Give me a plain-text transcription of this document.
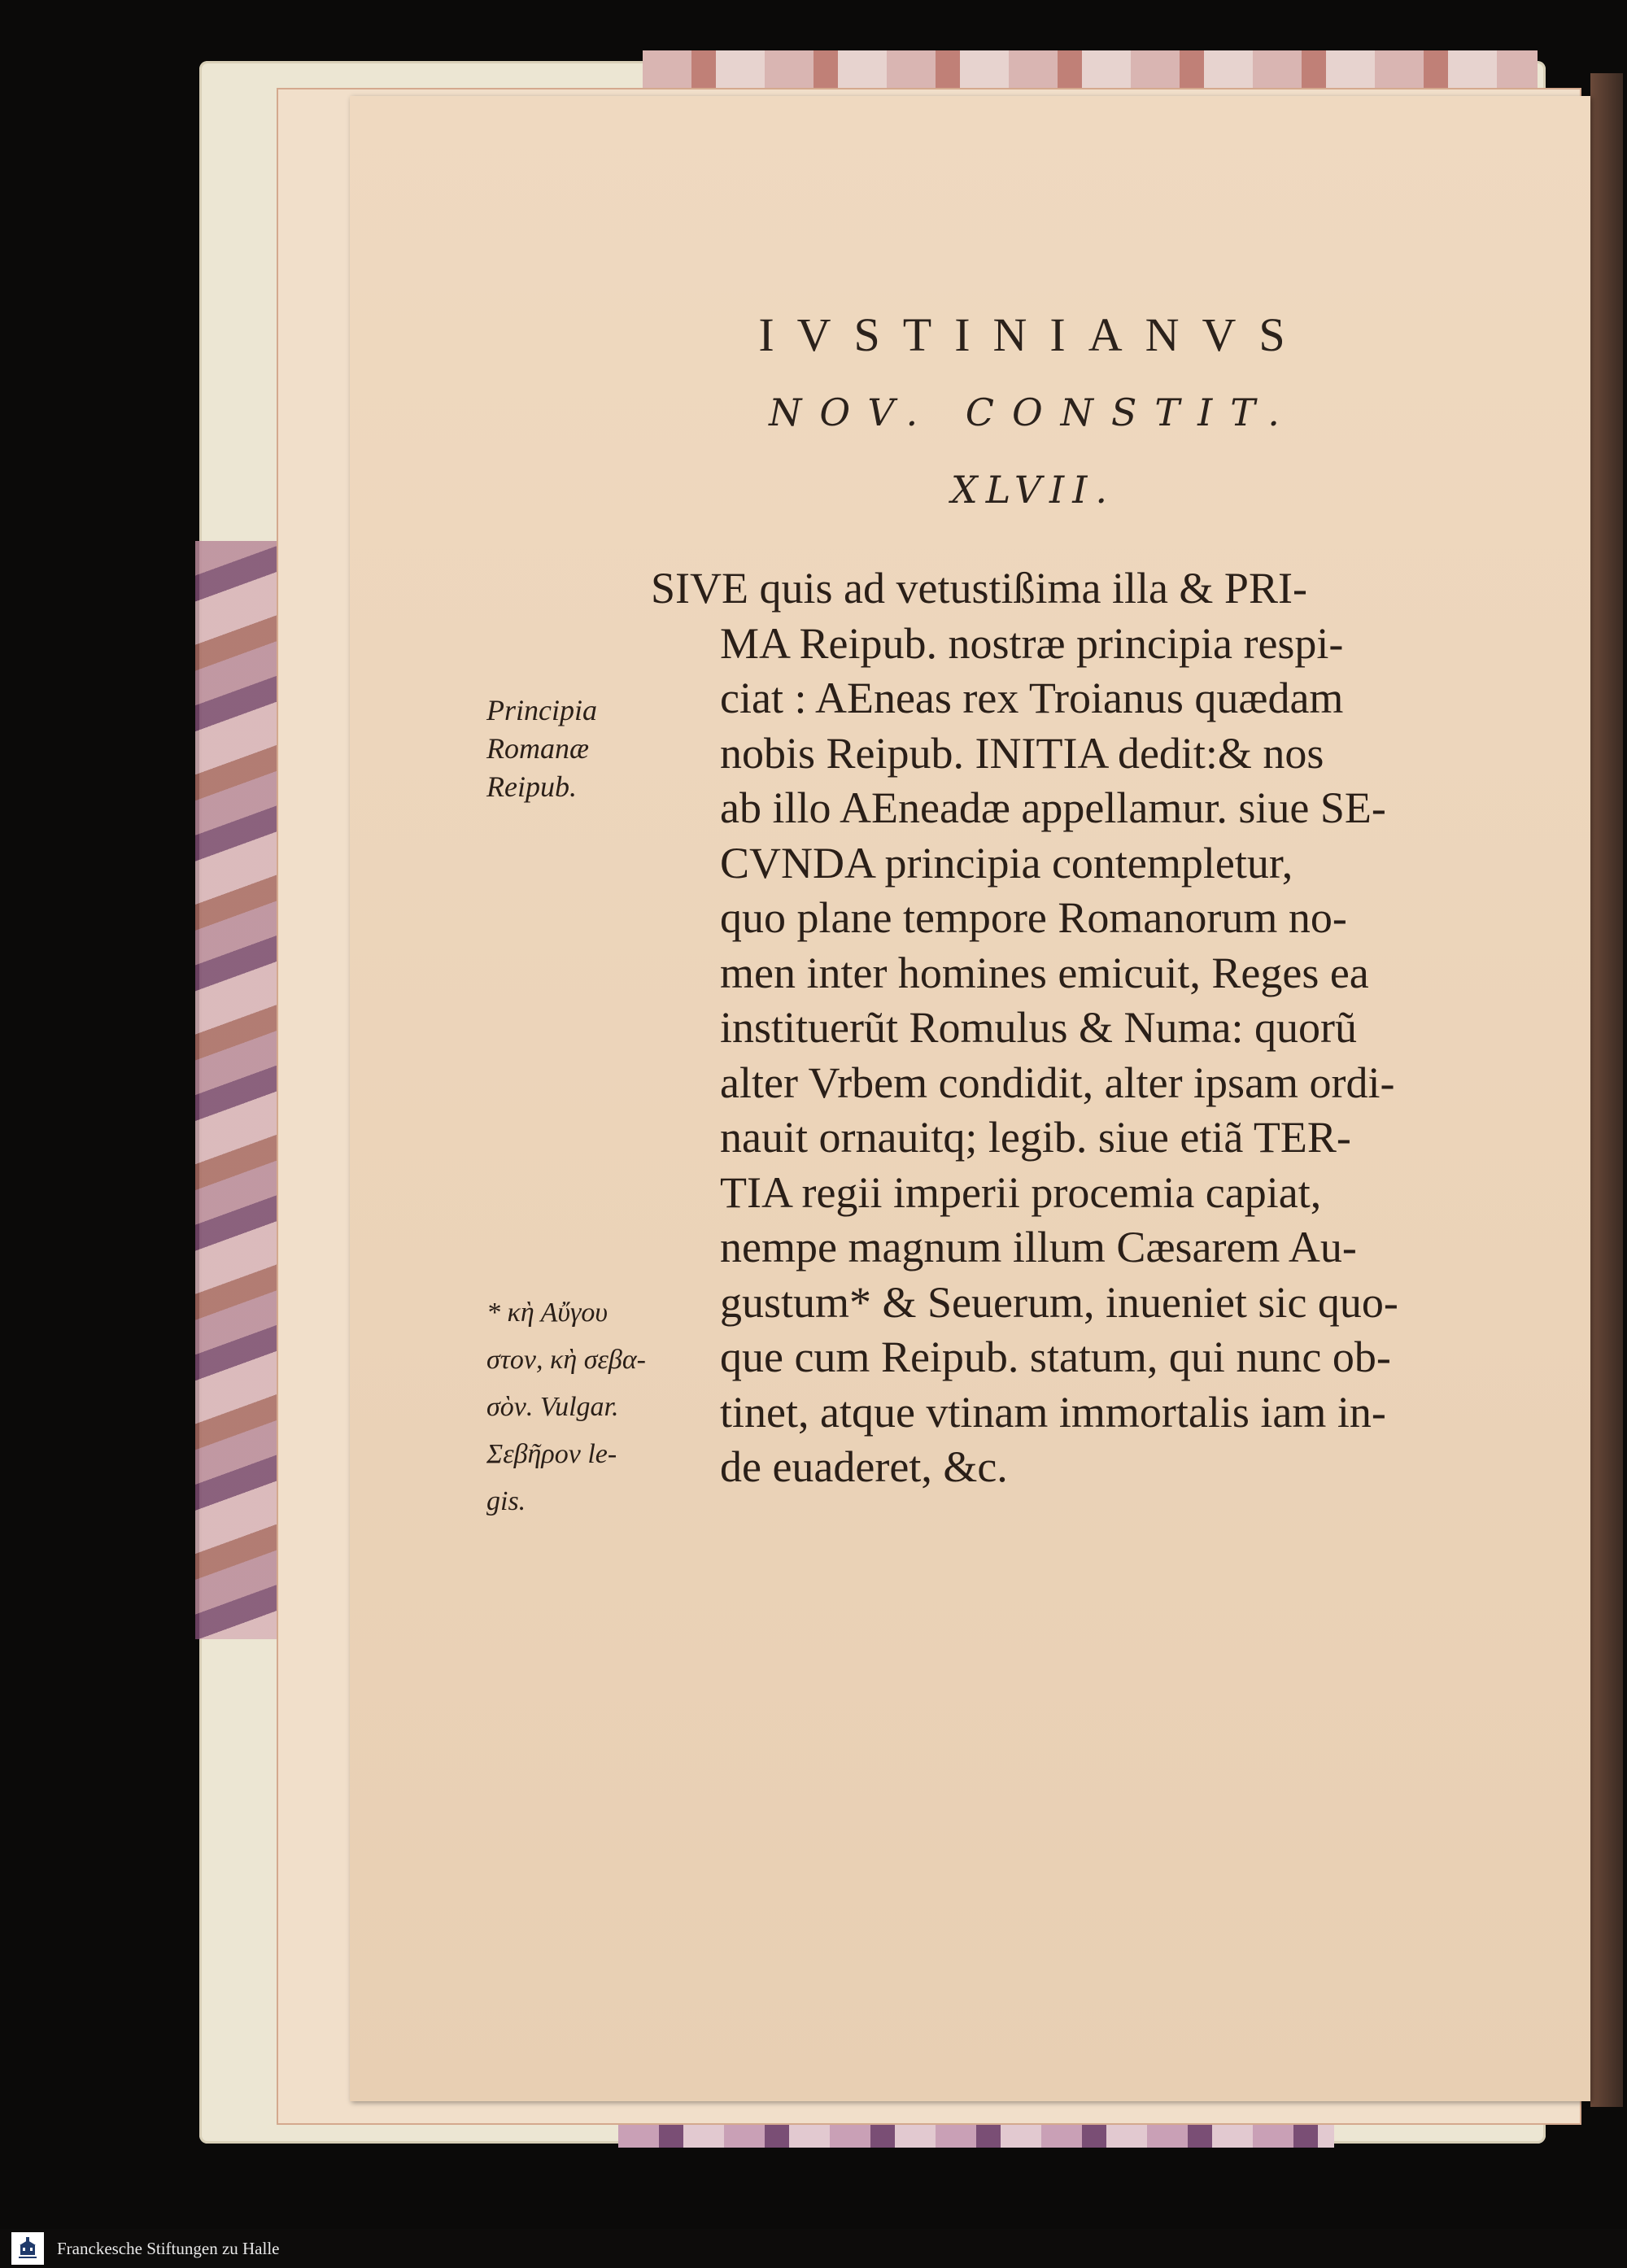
IVSTINIANVS
NOV. CONSTIT.
XLVII.
SIVE quis ad vetustißima illa & PRI-
MA Reipub. nostræ principia respi-
ciat : AEneas rex Troianus quædam
nobis Reipub. INITIA dedit:& nos
ab illo AEneadæ appellamur. siue SE-
CVNDA principia contempletur,
quo plane tempore Romanorum no-
men inter homines emicuit, Reges ea
instituerũt Romulus & Numa: quorũ
alter Vrbem condidit, alter ipsam ordi-
nauit ornauitq; legib. siue etiã TER-
TIA regii imperii procemia capiat,
nempe magnum illum Cæsarem Au-
gustum* & Seuerum, inueniet sic quo-
que cum Reipub. statum, qui nunc ob-
tinet, atque vtinam immortalis iam in-
de euaderet, &c.
Principia
Romanæ
Reipub.
* κὴ Αὔγου
στον, κὴ σεβα-
σὸν. Vulgar.
Σεβῆρον le-
gis.
Franckesche Stiftungen zu Halle
